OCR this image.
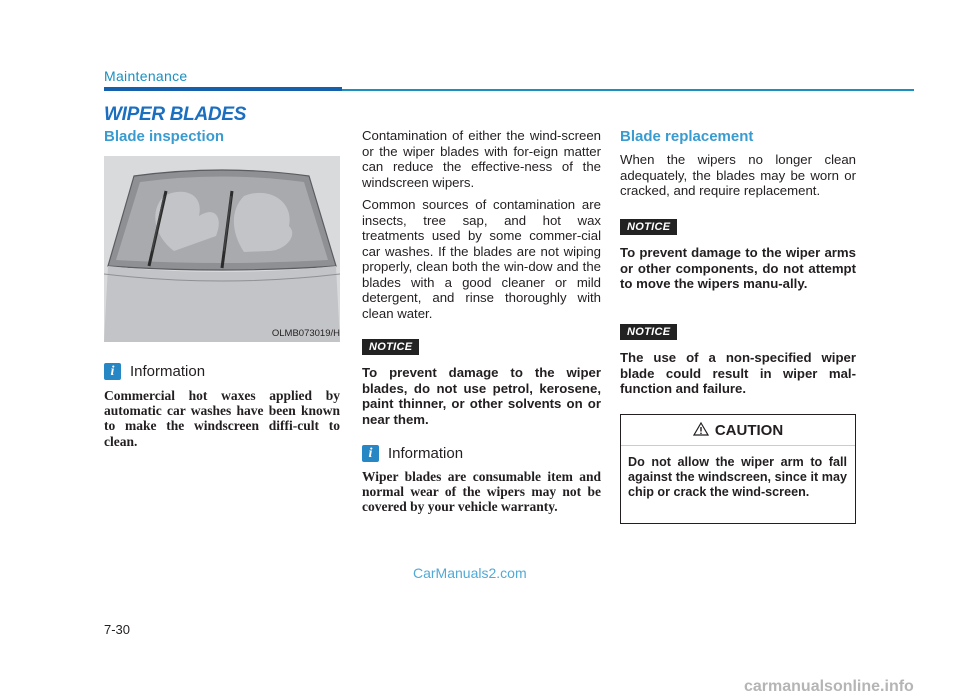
Maintenance
WIPER BLADES
Blade inspection
OLMB073019/H
i	Information
Commercial hot waxes applied by automatic car washes have been known to make the windscreen diffi-cult to clean.
Contamination of either the wind-screen or the wiper blades with for-eign matter can reduce the effective-ness of the windscreen wipers.
Common sources of contamination are insects, tree sap, and hot wax treatments used by some commer-cial car washes. If the blades are not wiping properly, clean both the win-dow and the blades with a good cleaner or mild detergent, and rinse thoroughly with clean water.
NOTICE
To prevent damage to the wiper blades, do not use petrol, kerosene, paint thinner, or other solvents on or near them.
i	Information
Wiper blades are consumable item and normal wear of the wipers may not be covered by your vehicle warranty.
Blade replacement
When the wipers no longer clean adequately, the blades may be worn or cracked, and require replacement.
NOTICE
To prevent damage to the wiper arms or other components, do not attempt to move the wipers manu-ally.
NOTICE
The use of a non-specified wiper blade could result in wiper mal-function and failure.
CAUTION
Do not allow the wiper arm to fall against the windscreen, since it may chip or crack the wind-screen.
CarManuals2.com
7-30
carmanualsonline.info
